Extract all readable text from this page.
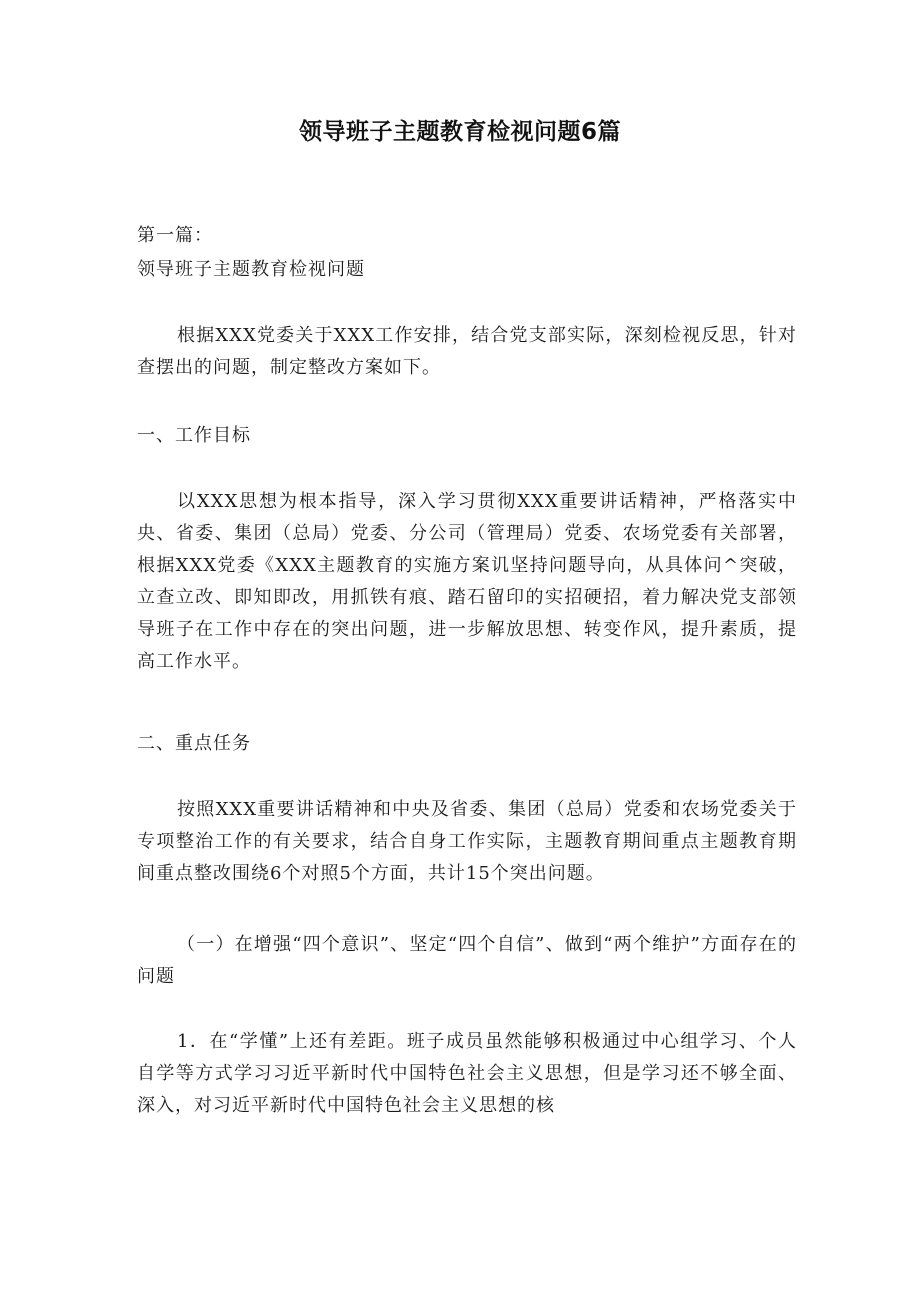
领导班子主题教育检视问题6篇

第一篇：

领导班子主题教育检视问题

根据XXX党委关于XXX工作安排，结合党支部实际，深刻检视反思，针对查摆出的问题，制定整改方案如下。

一、工作目标

以XXX思想为根本指导，深入学习贯彻XXX重要讲话精神，严格落实中央、省委、集团（总局）党委、分公司（管理局）党委、农场党委有关部署，根据XXX党委《XXX主题教育的实施方案讥坚持问题导向，从具体问^突破，立查立改、即知即改，用抓铁有痕、踏石留印的实招硬招，着力解决党支部领导班子在工作中存在的突出问题，进一步解放思想、转变作风，提升素质，提高工作水平。

二、重点任务

按照XXX重要讲话精神和中央及省委、集团（总局）党委和农场党委关于专项整治工作的有关要求，结合自身工作实际，主题教育期间重点主题教育期间重点整改围绕6个对照5个方面，共计15个突出问题。

（一）在增强“四个意识”、坚定“四个自信”、做到“两个维护”方面存在的问题

1．在“学懂”上还有差距。班子成员虽然能够积极通过中心组学习、个人自学等方式学习习近平新时代中国特色社会主义思想，但是学习还不够全面、深入，对习近平新时代中国特色社会主义思想的核
